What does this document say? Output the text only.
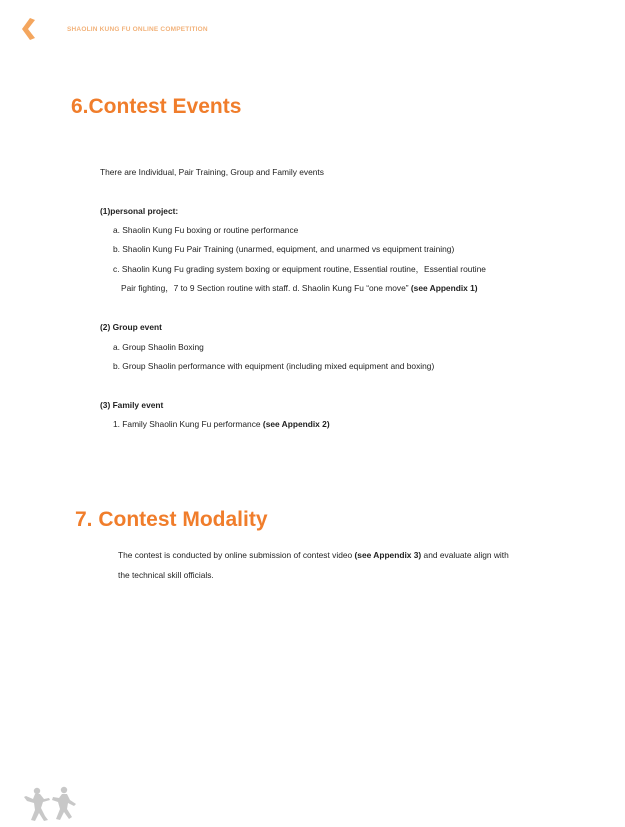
SHAOLIN KUNG FU ONLINE COMPETITION
6.Contest Events
There are Individual, Pair Training, Group and Family events
(1)personal project:
a. Shaolin Kung Fu boxing or routine performance
b. Shaolin Kung Fu Pair Training (unarmed, equipment, and unarmed vs equipment training)
c. Shaolin Kung Fu grading system boxing or equipment routine, Essential routine，Essential routine
Pair fighting，7 to 9 Section routine with staff. d. Shaolin Kung Fu “one move” (see Appendix 1)
(2) Group event
a. Group Shaolin Boxing
b. Group Shaolin performance with equipment (including mixed equipment and boxing)
(3) Family event
1. Family Shaolin Kung Fu performance (see Appendix 2)
7. Contest Modality
The contest is conducted by online submission of contest video (see Appendix 3) and evaluate align with
the technical skill officials.
